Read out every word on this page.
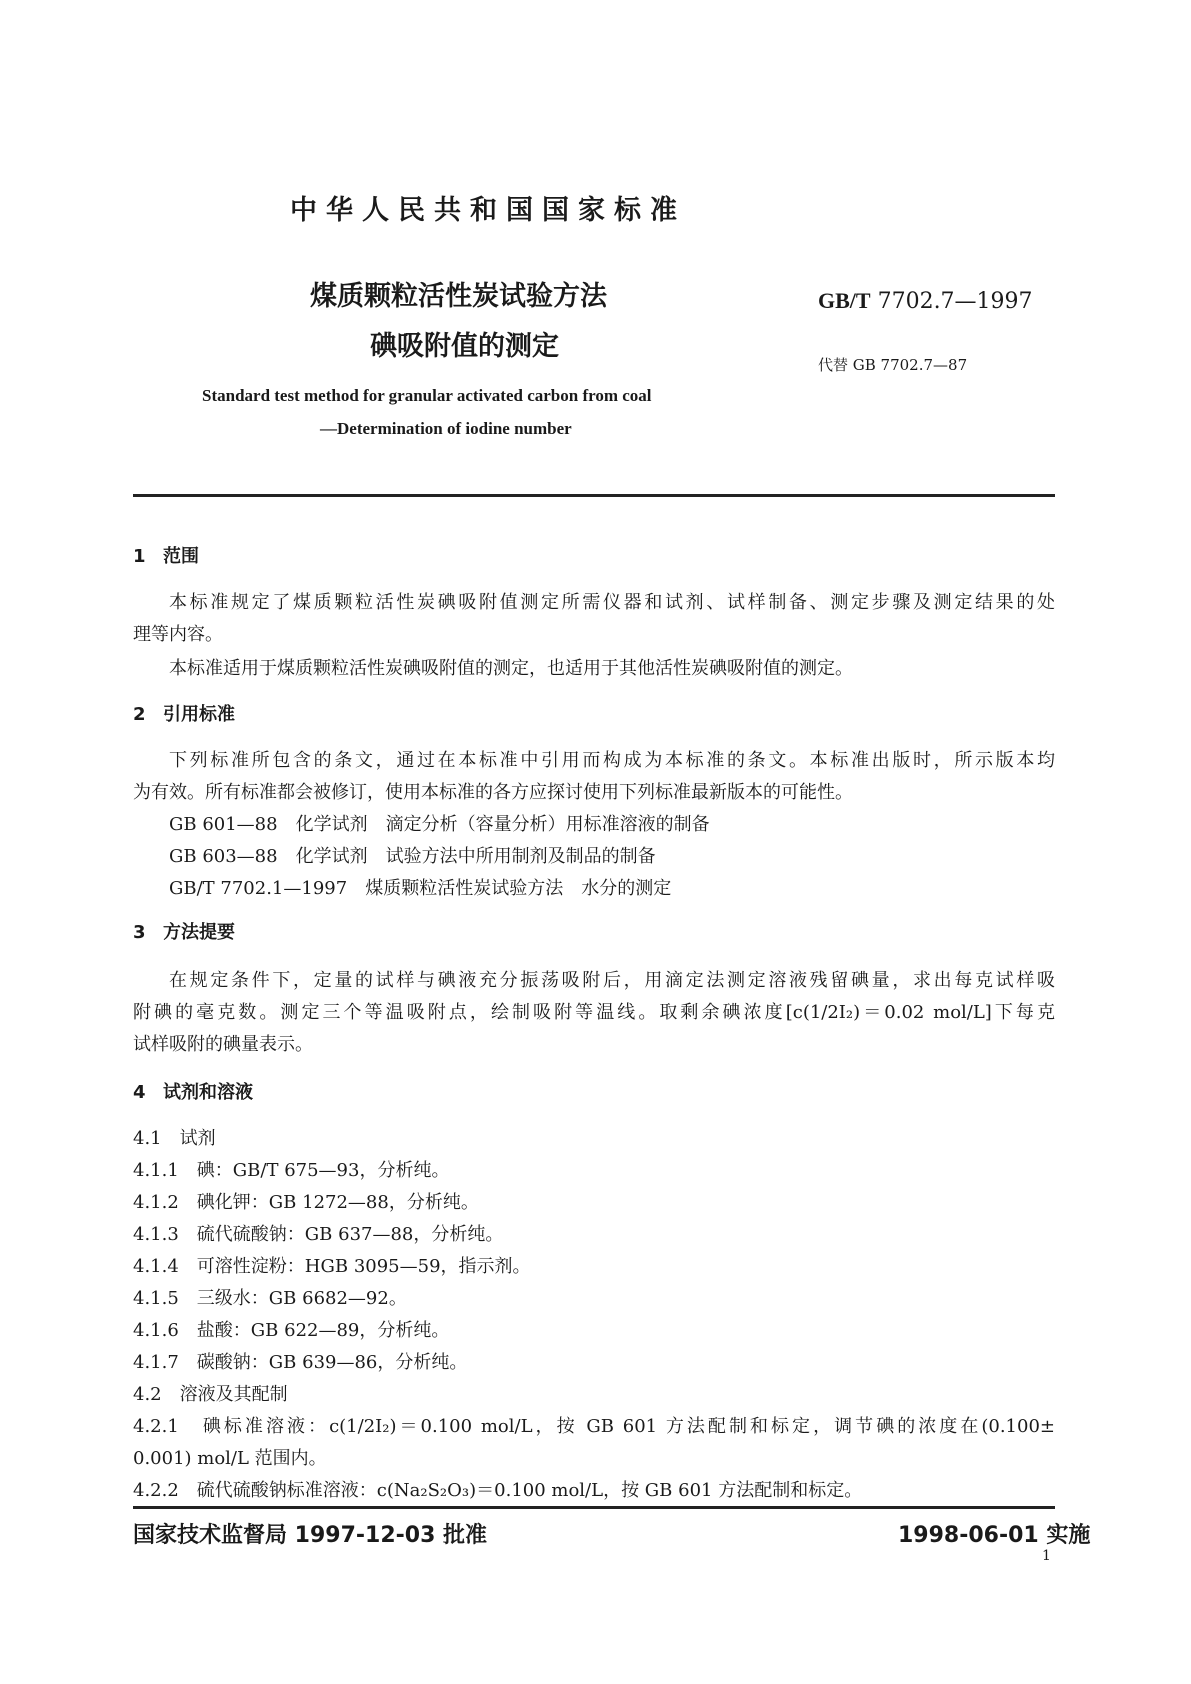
中华人民共和国国家标准
煤质颗粒活性炭试验方法
碘吸附值的测定
GB/T 7702.7—1997
代替 GB 7702.7—87
Standard test method for granular activated carbon from coal
—Determination of iodine number
1 范围
本标准规定了煤质颗粒活性炭碘吸附值测定所需仪器和试剂、试样制备、测定步骤及测定结果的处
理等内容。
本标准适用于煤质颗粒活性炭碘吸附值的测定，也适用于其他活性炭碘吸附值的测定。
2 引用标准
下列标准所包含的条文，通过在本标准中引用而构成为本标准的条文。本标准出版时，所示版本均
为有效。所有标准都会被修订，使用本标准的各方应探讨使用下列标准最新版本的可能性。
GB 601—88　化学试剂　滴定分析（容量分析）用标准溶液的制备
GB 603—88　化学试剂　试验方法中所用制剂及制品的制备
GB/T 7702.1—1997　煤质颗粒活性炭试验方法　水分的测定
3 方法提要
在规定条件下，定量的试样与碘液充分振荡吸附后，用滴定法测定溶液残留碘量，求出每克试样吸
附碘的毫克数。测定三个等温吸附点，绘制吸附等温线。取剩余碘浓度[c(1/2I₂)＝0.02 mol/L]下每克
试样吸附的碘量表示。
4 试剂和溶液
4.1　试剂
4.1.1　碘：GB/T 675—93，分析纯。
4.1.2　碘化钾：GB 1272—88，分析纯。
4.1.3　硫代硫酸钠：GB 637—88，分析纯。
4.1.4　可溶性淀粉：HGB 3095—59，指示剂。
4.1.5　三级水：GB 6682—92。
4.1.6　盐酸：GB 622—89，分析纯。
4.1.7　碳酸钠：GB 639—86，分析纯。
4.2　溶液及其配制
4.2.1　碘标准溶液：c(1/2I₂)＝0.100 mol/L，按 GB 601 方法配制和标定，调节碘的浓度在(0.100±
0.001) mol/L 范围内。
4.2.2　硫代硫酸钠标准溶液：c(Na₂S₂O₃)＝0.100 mol/L，按 GB 601 方法配制和标定。
国家技术监督局 1997-12-03 批准	1998-06-01 实施
1
